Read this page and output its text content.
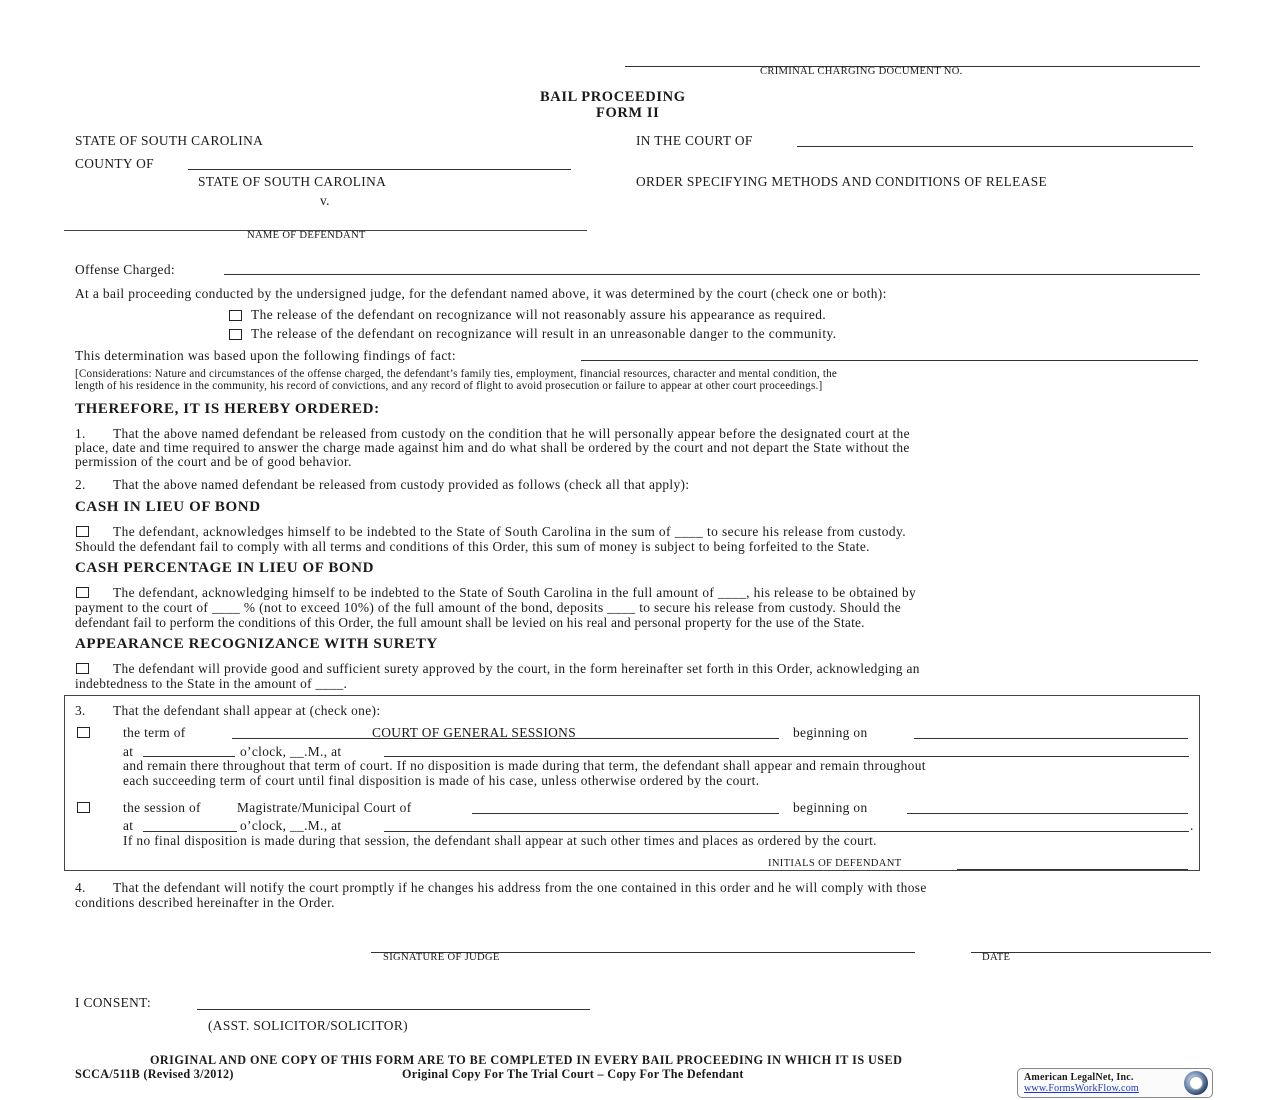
CRIMINAL CHARGING DOCUMENT NO.
BAIL PROCEEDING
FORM II
STATE OF SOUTH CAROLINA	IN THE COURT OF
COUNTY OF
STATE OF SOUTH CAROLINA	ORDER SPECIFYING METHODS AND CONDITIONS OF RELEASE
v.
NAME OF DEFENDANT
Offense Charged:
At a bail proceeding conducted by the undersigned judge, for the defendant named above, it was determined by the court (check one or both):
The release of the defendant on recognizance will not reasonably assure his appearance as required.
The release of the defendant on recognizance will result in an unreasonable danger to the community.
This determination was based upon the following findings of fact:
[Considerations: Nature and circumstances of the offense charged, the defendant’s family ties, employment, financial resources, character and mental condition, the
length of his residence in the community, his record of convictions, and any record of flight to avoid prosecution or failure to appear at other court proceedings.]
THEREFORE, IT IS HEREBY ORDERED:
1. That the above named defendant be released from custody on the condition that he will personally appear before the designated court at the
place, date and time required to answer the charge made against him and do what shall be ordered by the court and not depart the State without the
permission of the court and be of good behavior.
2. That the above named defendant be released from custody provided as follows (check all that apply):
CASH IN LIEU OF BOND
The defendant, acknowledges himself to be indebted to the State of South Carolina in the sum of ____ to secure his release from custody.
Should the defendant fail to comply with all terms and conditions of this Order, this sum of money is subject to being forfeited to the State.
CASH PERCENTAGE IN LIEU OF BOND
The defendant, acknowledging himself to be indebted to the State of South Carolina in the full amount of ____, his release to be obtained by
payment to the court of ____ % (not to exceed 10%) of the full amount of the bond, deposits ____ to secure his release from custody. Should the
defendant fail to perform the conditions of this Order, the full amount shall be levied on his real and personal property for the use of the State.
APPEARANCE RECOGNIZANCE WITH SURETY
The defendant will provide good and sufficient surety approved by the court, in the form hereinafter set forth in this Order, acknowledging an
indebtedness to the State in the amount of ____.
3. That the defendant shall appear at (check one):
the term of	COURT OF GENERAL SESSIONS	beginning on
at	o’clock, __.M., at
and remain there throughout that term of court. If no disposition is made during that term, the defendant shall appear and remain throughout
each succeeding term of court until final disposition is made of his case, unless otherwise ordered by the court.
the session of	Magistrate/Municipal Court of	beginning on
at	o’clock, __.M., at	.
If no final disposition is made during that session, the defendant shall appear at such other times and places as ordered by the court.
INITIALS OF DEFENDANT
4. That the defendant will notify the court promptly if he changes his address from the one contained in this order and he will comply with those
conditions described hereinafter in the Order.
SIGNATURE OF JUDGE	DATE
I CONSENT:
(ASST. SOLICITOR/SOLICITOR)
ORIGINAL AND ONE COPY OF THIS FORM ARE TO BE COMPLETED IN EVERY BAIL PROCEEDING IN WHICH IT IS USED
SCCA/511B (Revised 3/2012)	Original Copy For The Trial Court – Copy For The Defendant	American LegalNet, Inc.
www.FormsWorkFlow.com
